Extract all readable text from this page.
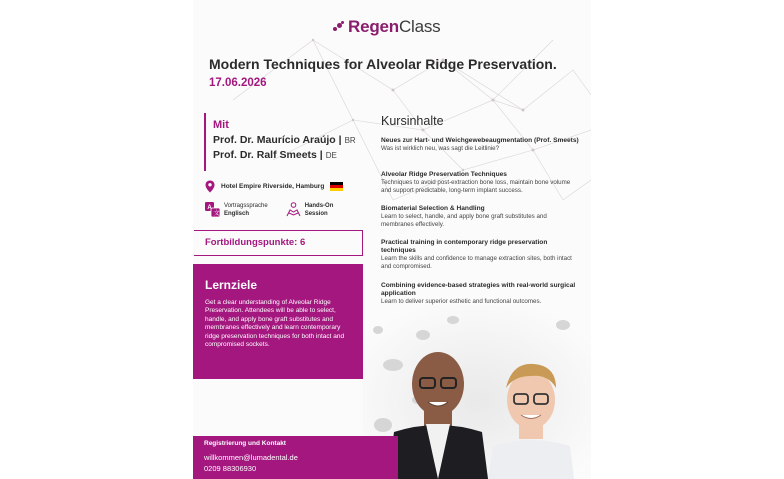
RegenClass
Modern Techniques for Alveolar Ridge Preservation.
17.06.2026
Mit
Prof. Dr. Maurício Araújo | BR
Prof. Dr. Ralf Smeets | DE
Hotel Empire Riverside, Hamburg
A
文
Vortragssprache
Englisch
Hands-On
Session
Fortbildungspunkte: 6
Lernziele
Get a clear understanding of Alveolar Ridge Preservation. Attendees will be able to select, handle, and apply bone graft substitutes and membranes effectively and learn contemporary ridge preservation techniques for both intact and compromised sockets.
Kursinhalte
Neues zur Hart- und Weichgewebeaugmentation (Prof. Smeets)
Was ist wirklich neu, was sagt die Leitlinie?
Alveolar Ridge Preservation Techniques
Techniques to avoid post-extraction bone loss, maintain bone volume and support predictable, long-term implant success.
Biomaterial Selection & Handling
Learn to select, handle, and apply bone graft substitutes and membranes effectively.
Practical training in contemporary ridge preservation techniques
Learn the skills and confidence to manage extraction sites, both intact and compromised.
Combining evidence-based strategies with real-world surgical application
Learn to deliver superior esthetic and functional outcomes.
Registrierung und Kontakt
willkommen@lumadental.de
0209 88306930
